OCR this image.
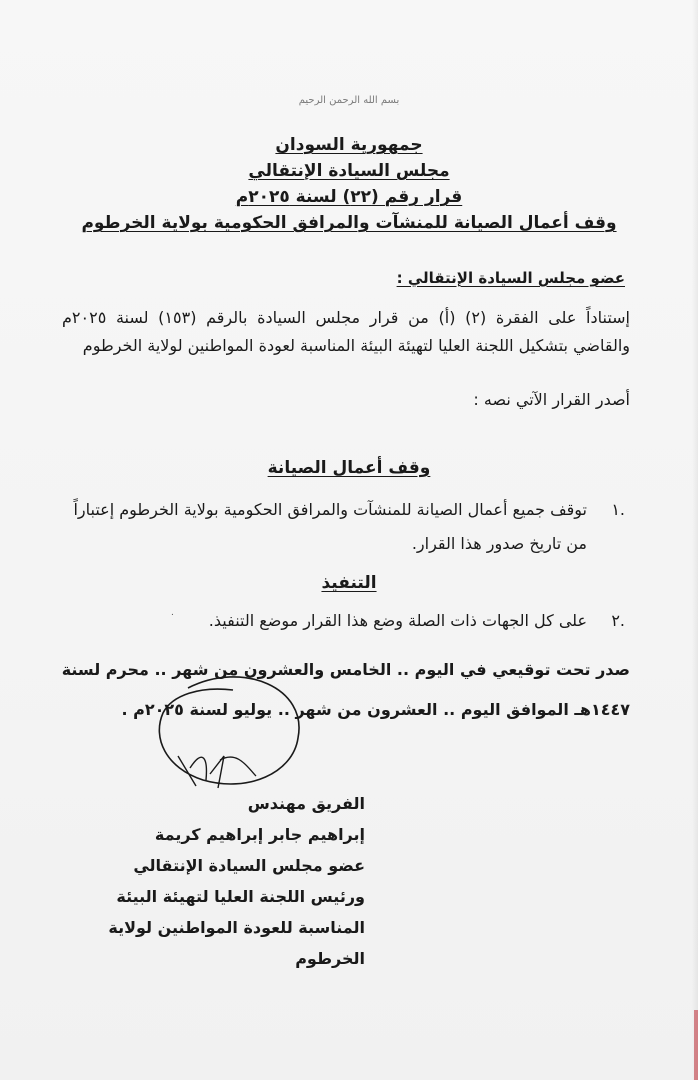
بسم الله الرحمن الرحيم
جمهورية السودان
مجلس السيادة الإنتقالي
قرار رقم (٢٢) لسنة ٢٠٢٥م
وقف أعمال الصيانة للمنشآت والمرافق الحكومية بولاية الخرطوم
عضو مجلس السيادة الإنتقالي :

إستناداً على الفقرة (٢) (أ) من قرار مجلس السيادة بالرقم (١٥٣) لسنة ٢٠٢٥م والقاضي بتشكيل اللجنة العليا لتهيئة البيئة المناسبة لعودة المواطنين لولاية الخرطوم

أصدر القرار الآتي نصه :

وقف أعمال الصيانة
.١
توقف جميع أعمال الصيانة للمنشآت والمرافق الحكومية بولاية الخرطوم إعتباراً من تاريخ صدور هذا القرار.
التنفيذ
.٢
على كل الجهات ذات الصلة وضع هذا القرار موضع التنفيذ.
٠
صدر تحت توقيعي في اليوم .. الخامس والعشرون من شهر .. محرم لسنة ١٤٤٧هـ الموافق اليوم .. العشرون من شهر .. يوليو لسنة ٢٠٢٥م .
الفريق مهندس
إبراهيم جابر إبراهيم كريمة
عضو مجلس السيادة الإنتقالي
ورئيس اللجنة العليا لتهيئة البيئة
المناسبة للعودة المواطنين لولاية الخرطوم
